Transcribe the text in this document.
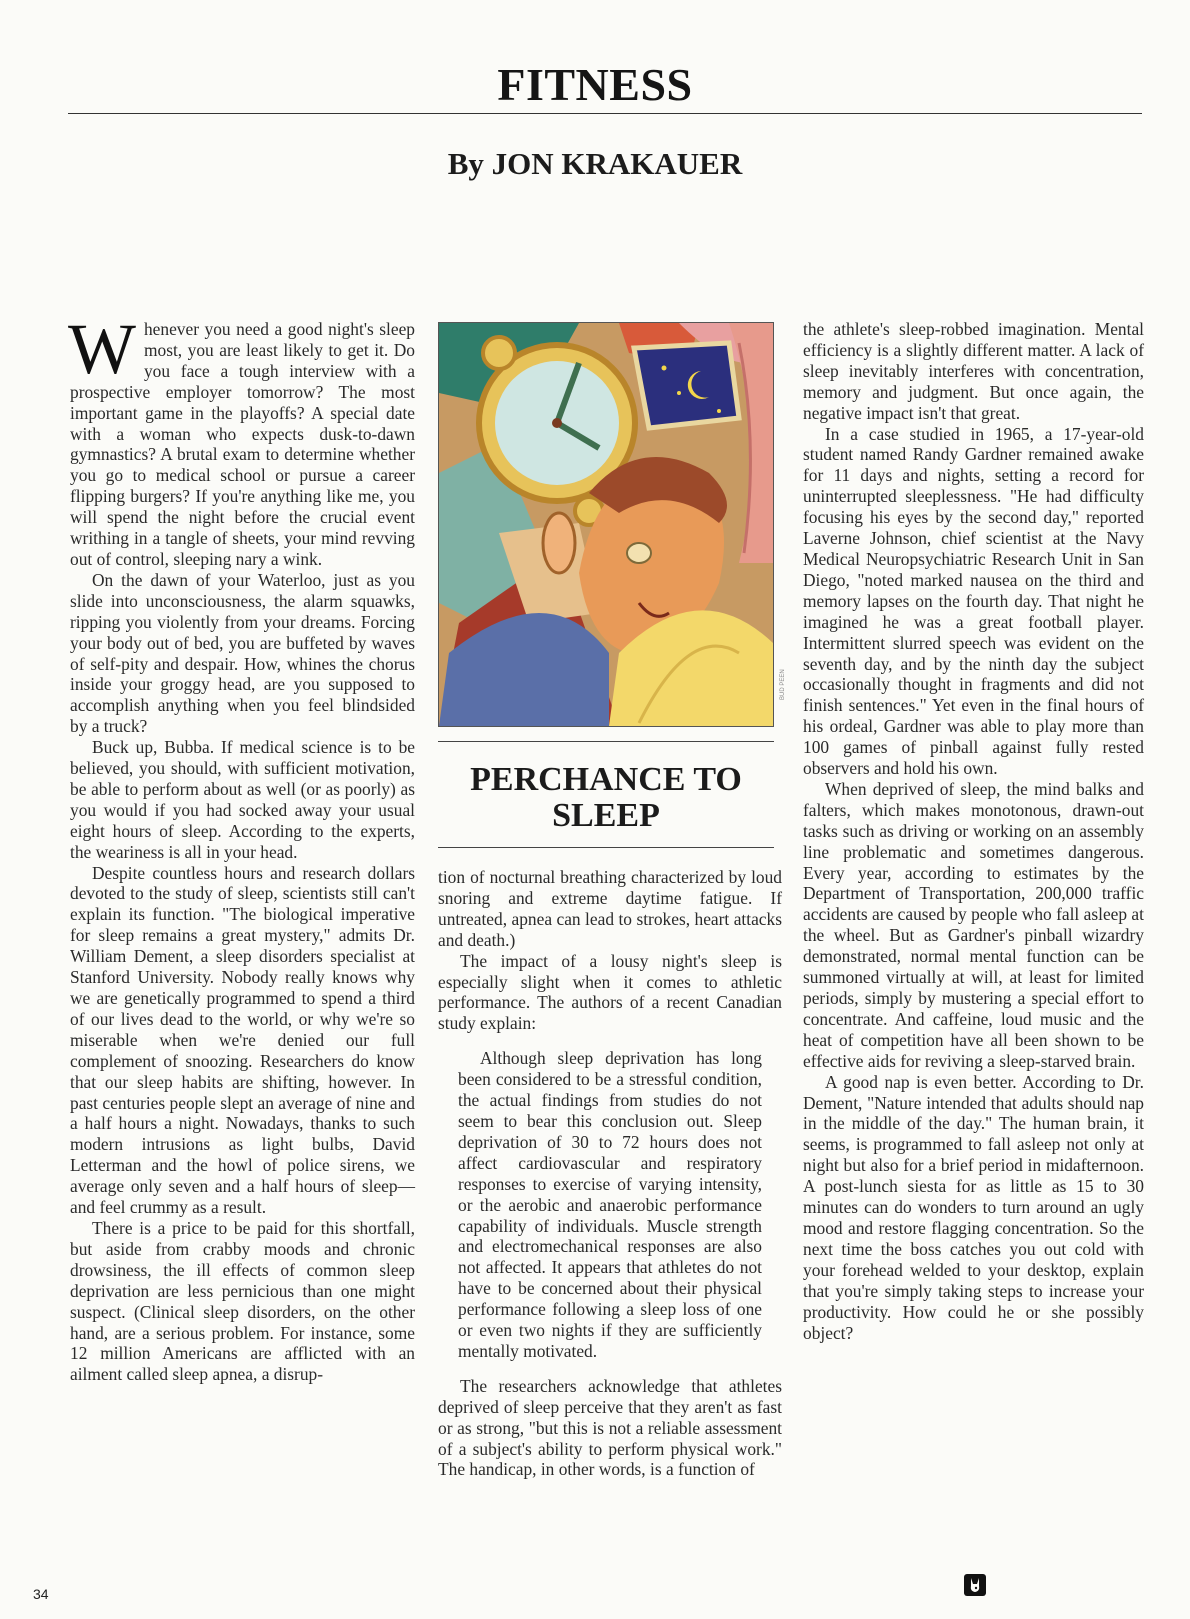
FITNESS
By JON KRAKAUER

Whenever you need a good night's sleep most, you are least likely to get it. Do you face a tough interview with a prospective employer tomorrow? The most important game in the playoffs? A special date with a woman who expects dusk-to-dawn gymnastics? A brutal exam to determine whether you go to medical school or pursue a career flipping burgers? If you're anything like me, you will spend the night before the crucial event writhing in a tangle of sheets, your mind revving out of control, sleeping nary a wink.

On the dawn of your Waterloo, just as you slide into unconsciousness, the alarm squawks, ripping you violently from your dreams. Forcing your body out of bed, you are buffeted by waves of self-pity and despair. How, whines the chorus inside your groggy head, are you supposed to accomplish anything when you feel blindsided by a truck?

Buck up, Bubba. If medical science is to be believed, you should, with sufficient motivation, be able to perform about as well (or as poorly) as you would if you had socked away your usual eight hours of sleep. According to the experts, the weariness is all in your head.

Despite countless hours and research dollars devoted to the study of sleep, scientists still can't explain its function. "The biological imperative for sleep remains a great mystery," admits Dr. William Dement, a sleep disorders specialist at Stanford University. Nobody really knows why we are genetically programmed to spend a third of our lives dead to the world, or why we're so miserable when we're denied our full complement of snoozing. Researchers do know that our sleep habits are shifting, however. In past centuries people slept an average of nine and a half hours a night. Nowadays, thanks to such modern intrusions as light bulbs, David Letterman and the howl of police sirens, we average only seven and a half hours of sleep—and feel crummy as a result.

There is a price to be paid for this shortfall, but aside from crabby moods and chronic drowsiness, the ill effects of common sleep deprivation are less pernicious than one might suspect. (Clinical sleep disorders, on the other hand, are a serious problem. For instance, some 12 million Americans are afflicted with an ailment called sleep apnea, a disrup-

BUD PEEN
PERCHANCE TO SLEEP

tion of nocturnal breathing characterized by loud snoring and extreme daytime fatigue. If untreated, apnea can lead to strokes, heart attacks and death.)

The impact of a lousy night's sleep is especially slight when it comes to athletic performance. The authors of a recent Canadian study explain:

Although sleep deprivation has long been considered to be a stressful condition, the actual findings from studies do not seem to bear this conclusion out. Sleep deprivation of 30 to 72 hours does not affect cardiovascular and respiratory responses to exercise of varying intensity, or the aerobic and anaerobic performance capability of individuals. Muscle strength and electromechanical responses are also not affected. It appears that athletes do not have to be concerned about their physical performance following a sleep loss of one or even two nights if they are sufficiently mentally motivated.

The researchers acknowledge that athletes deprived of sleep perceive that they aren't as fast or as strong, "but this is not a reliable assessment of a subject's ability to perform physical work." The handicap, in other words, is a function of

the athlete's sleep-robbed imagination. Mental efficiency is a slightly different matter. A lack of sleep inevitably interferes with concentration, memory and judgment. But once again, the negative impact isn't that great.

In a case studied in 1965, a 17-year-old student named Randy Gardner remained awake for 11 days and nights, setting a record for uninterrupted sleeplessness. "He had difficulty focusing his eyes by the second day," reported Laverne Johnson, chief scientist at the Navy Medical Neuropsychiatric Research Unit in San Diego, "noted marked nausea on the third and memory lapses on the fourth day. That night he imagined he was a great football player. Intermittent slurred speech was evident on the seventh day, and by the ninth day the subject occasionally thought in fragments and did not finish sentences." Yet even in the final hours of his ordeal, Gardner was able to play more than 100 games of pinball against fully rested observers and hold his own.

When deprived of sleep, the mind balks and falters, which makes monotonous, drawn-out tasks such as driving or working on an assembly line problematic and sometimes dangerous. Every year, according to estimates by the Department of Transportation, 200,000 traffic accidents are caused by people who fall asleep at the wheel. But as Gardner's pinball wizardry demonstrated, normal mental function can be summoned virtually at will, at least for limited periods, simply by mustering a special effort to concentrate. And caffeine, loud music and the heat of competition have all been shown to be effective aids for reviving a sleep-starved brain.

A good nap is even better. According to Dr. Dement, "Nature intended that adults should nap in the middle of the day." The human brain, it seems, is programmed to fall asleep not only at night but also for a brief period in midafternoon. A post-lunch siesta for as little as 15 to 30 minutes can do wonders to turn around an ugly mood and restore flagging concentration. So the next time the boss catches you out cold with your forehead welded to your desktop, explain that you're simply taking steps to increase your productivity. How could he or she possibly object?

34
